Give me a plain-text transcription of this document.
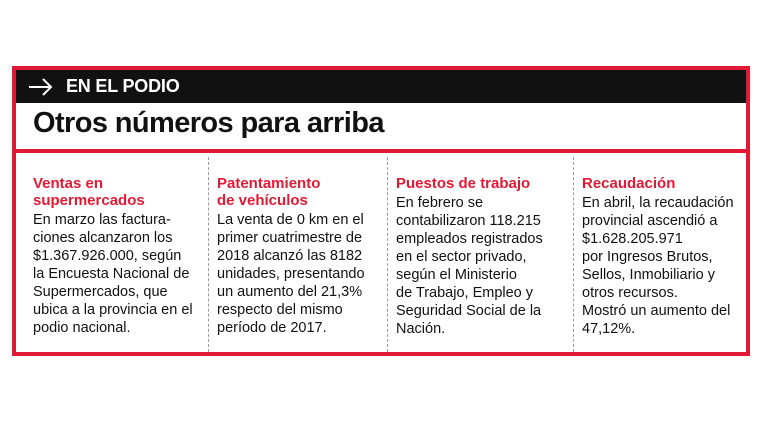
EN EL PODIO
Otros números para arriba

Ventas en
supermercados

En marzo las factura-
ciones alcanzaron los
$1.367.926.000, según
la Encuesta Nacional de
Supermercados, que
ubica a la provincia en el
podio nacional.

Patentamiento
de vehículos

La venta de 0 km en el
primer cuatrimestre de
2018 alcanzó las 8182
unidades, presentando
un aumento del 21,3%
respecto del mismo
período de 2017.

Puestos de trabajo

En febrero se
contabilizaron 118.215
empleados registrados
en el sector privado,
según el Ministerio
de Trabajo, Empleo y
Seguridad Social de la
Nación.

Recaudación

En abril, la recaudación
provincial ascendió a
$1.628.205.971
por Ingresos Brutos,
Sellos, Inmobiliario y
otros recursos.
Mostró un aumento del
47,12%.
